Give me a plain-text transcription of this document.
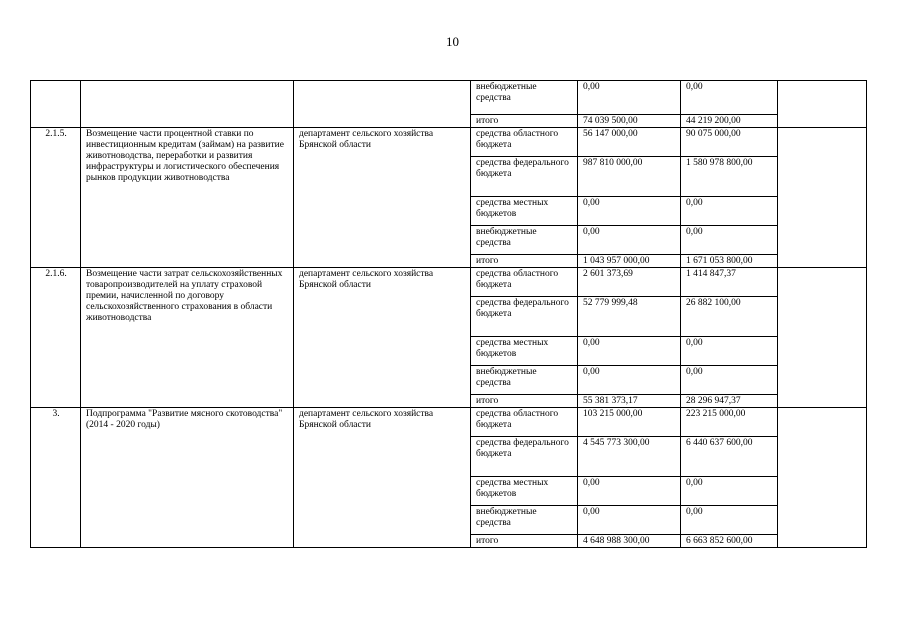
10
			внебюджетные средства	0,00	0,00	
			итого	74 039 500,00	44 219 200,00	
2.1.5.	Возмещение части процентной ставки по инвестиционным кредитам (займам) на развитие животноводства, переработки и развития инфраструктуры и логистического обеспечения рынков продукции животноводства	департамент сельского хозяйства Брянской области	средства областного бюджета	56 147 000,00	90 075 000,00	
			средства федерального бюджета	987 810 000,00	1 580 978 800,00	
			средства местных бюджетов	0,00	0,00	
			внебюджетные средства	0,00	0,00	
			итого	1 043 957 000,00	1 671 053 800,00	
2.1.6.	Возмещение части затрат сельскохозяйственных товаропроизводителей на уплату страховой премии, начисленной по договору сельскохозяйственного страхования в области животноводства	департамент сельского хозяйства Брянской области	средства областного бюджета	2 601 373,69	1 414 847,37	
			средства федерального бюджета	52 779 999,48	26 882 100,00	
			средства местных бюджетов	0,00	0,00	
			внебюджетные средства	0,00	0,00	
			итого	55 381 373,17	28 296 947,37	
3.	Подпрограмма "Развитие мясного скотоводства" (2014 - 2020 годы)	департамент сельского хозяйства Брянской области	средства областного бюджета	103 215 000,00	223 215 000,00	
			средства федерального бюджета	4 545 773 300,00	6 440 637 600,00	
			средства местных бюджетов	0,00	0,00	
			внебюджетные средства	0,00	0,00	
			итого	4 648 988 300,00	6 663 852 600,00	
